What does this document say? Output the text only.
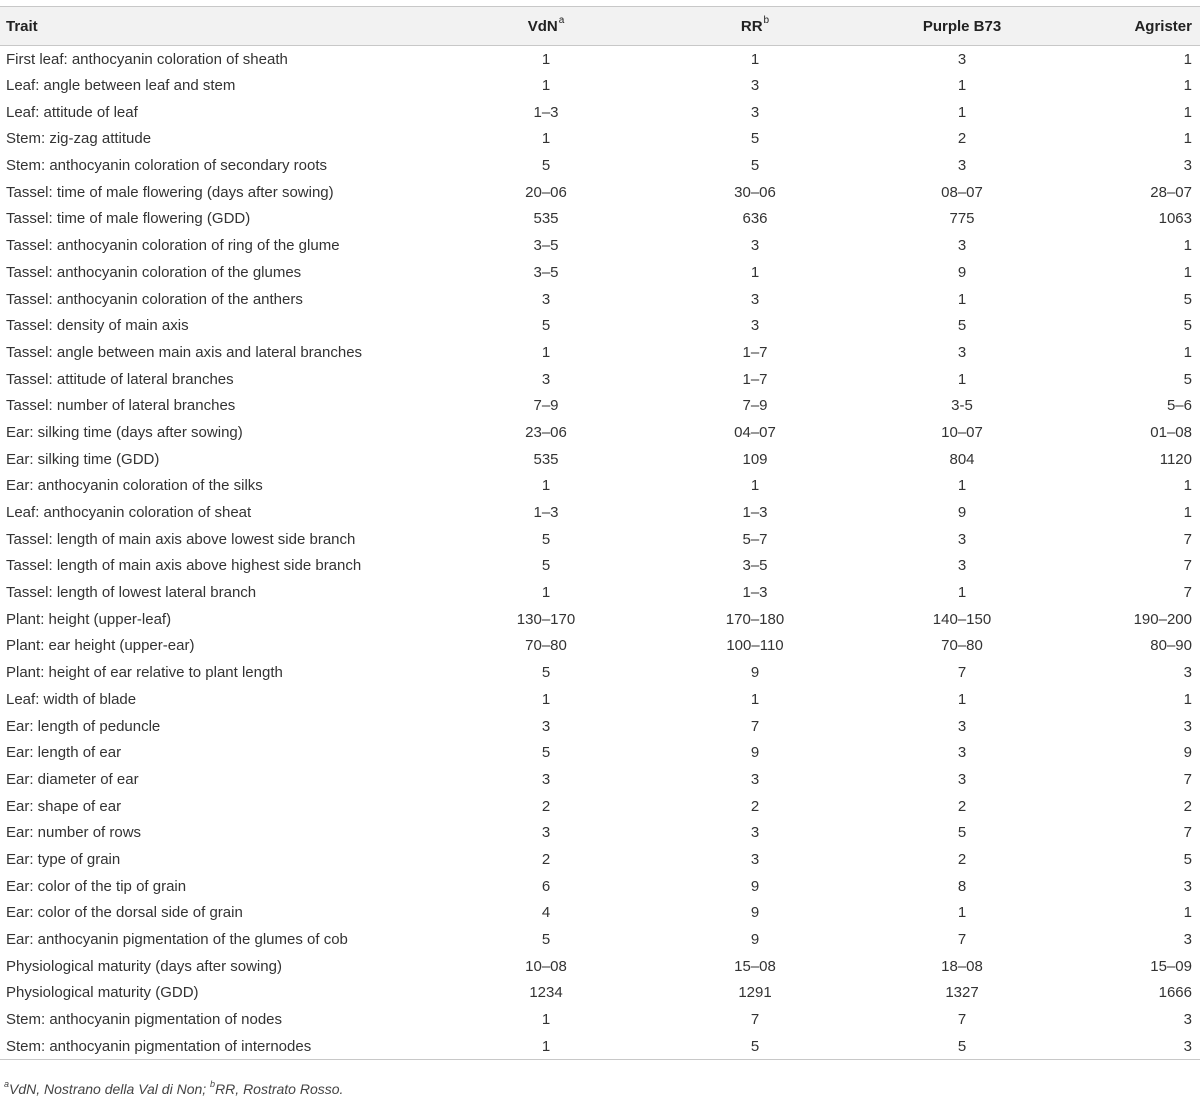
Trait	VdN$^a$	$RR^b$	Purple B73	Agrister
First leaf: anthocyanin coloration of sheath	1	1	3	1
Leaf: angle between leaf and stem	1	3	1	1
Leaf: attitude of leaf	1–3	3	1	1
Stem: zig-zag attitude	1	5	2	1
Stem: anthocyanin coloration of secondary roots	5	5	3	3
Tassel: time of male flowering (days after sowing)	20–06	30–06	08–07	28–07
Tassel: time of male flowering (GDD)	535	636	775	1063
Tassel: anthocyanin coloration of ring of the glume	3–5	3	3	1
Tassel: anthocyanin coloration of the glumes	3–5	1	9	1
Tassel: anthocyanin coloration of the anthers	3	3	1	5
Tassel: density of main axis	5	3	5	5
Tassel: angle between main axis and lateral branches	1	1–7	3	1
Tassel: attitude of lateral branches	3	1–7	1	5
Tassel: number of lateral branches	7–9	7–9	3-5	5–6
Ear: silking time (days after sowing)	23–06	04–07	10–07	01–08
Ear: silking time (GDD)	535	109	804	1120
Ear: anthocyanin coloration of the silks	1	1	1	1
Leaf: anthocyanin coloration of sheat	1–3	1–3	9	1
Tassel: length of main axis above lowest side branch	5	5–7	3	7
Tassel: length of main axis above highest side branch	5	3–5	3	7
Tassel: length of lowest lateral branch	1	1–3	1	7
Plant: height (upper-leaf)	130–170	170–180	140–150	190–200
Plant: ear height (upper-ear)	70–80	100–110	70–80	80–90
Plant: height of ear relative to plant length	5	9	7	3
Leaf: width of blade	1	1	1	1
Ear: length of peduncle	3	7	3	3
Ear: length of ear	5	9	3	9
Ear: diameter of ear	3	3	3	7
Ear: shape of ear	2	2	2	2
Ear: number of rows	3	3	5	7
Ear: type of grain	2	3	2	5
Ear: color of the tip of grain	6	9	8	3
Ear: color of the dorsal side of grain	4	9	1	1
Ear: anthocyanin pigmentation of the glumes of cob	5	9	7	3
Physiological maturity (days after sowing)	10–08	15–08	18–08	15–09
Physiological maturity (GDD)	1234	1291	1327	1666
Stem: anthocyanin pigmentation of nodes	1	7	7	3
Stem: anthocyanin pigmentation of internodes	1	5	5	3
$^a$VdN, Nostrano della Val di Non; $^b$RR, Rostrato Rosso.
